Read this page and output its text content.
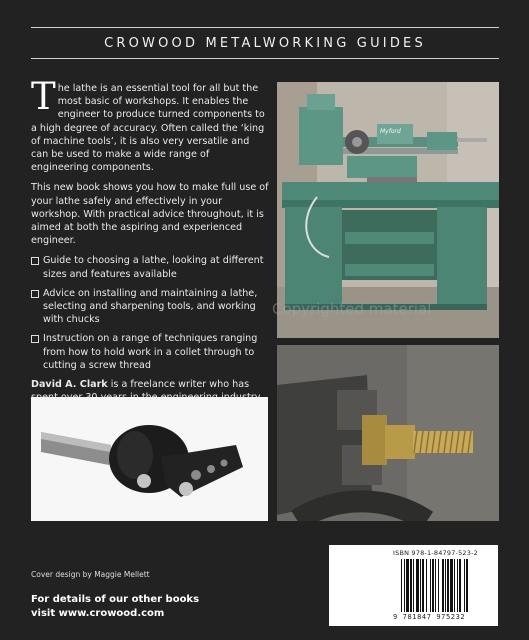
CROWOOD METALWORKING GUIDES

The lathe is an essential tool for all but the most basic of workshops. It enables the engineer to produce turned components to a high degree of accuracy. Often called the ‘king of machine tools’, it is also very versatile and can be used to make a wide range of engineering components.

This new book shows you how to make full use of your lathe safely and effectively in your workshop. With practical advice throughout, it is aimed at both the aspiring and experienced engineer.

Guide to choosing a lathe, looking at different sizes and features available
Advice on installing and maintaining a lathe, selecting and sharpening tools, and working with chucks
Instruction on a range of techniques ranging from how to hold work in a collet through to cutting a screw thread

David A. Clark is a freelance writer who has

Myford
Copyrighted material
Cover design by Maggie Mellett
For details of our other books
visit www.crowood.com
ISBN 978-1-84797-523-2
9 781847 975232
